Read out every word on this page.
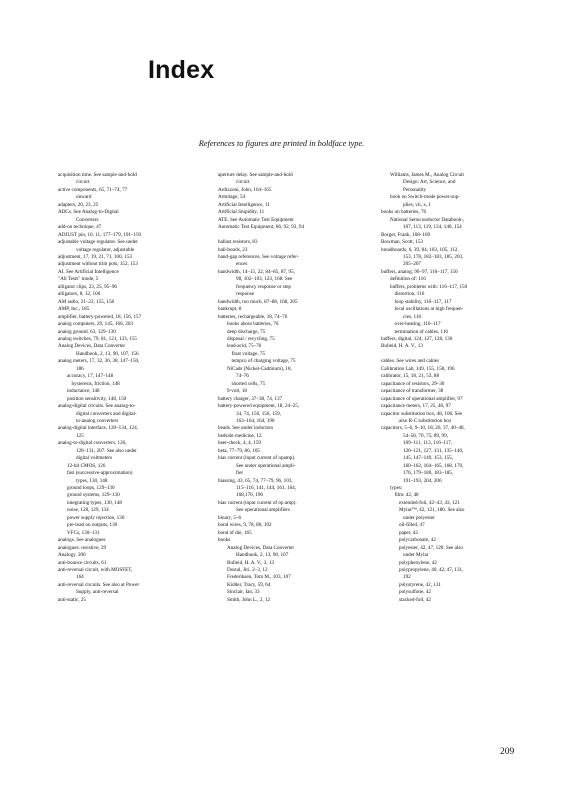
Index
References to figures are printed in boldface type.
acquisition time. See sample-and-hold
circuit
active components, 65, 71–74, 77
onward
adapters, 20, 23, 25
ADCs. See Analog-to-Digital
Converters
add-on technique, 47
ADJUST pin, 10, 11, 177–179, 191–193
adjustable voltage regulator. See under
voltage regulator, adjustable
adjustment, 17, 19, 21, 71, 100, 153
adjustment without trim pots, 152, 153
AI. See Artificial Intelligence
"All Tests" mode, 5
alligator clips, 23, 25, 95–96
alligators, 8, 12, 100
AM radio, 21–22, 155, 158
AMP, Inc., 185
amplifier, battery-powered, 18, 156, 157
analog computers, 29, 145, 166, 203
analog ground, 63, 129–130
analog switches, 79, 81, 121, 133, 155
Analog Devices, Data Converter
Handbook, 2, 13, 90, 107, 156
analog meters, 17, 32, 36, 38, 147–150,
186
accuracy, 17, 147–148
hysteresis, friction, 148
inductance, 148
position sensitivity, 148, 150
analog-digital circuits. See analog-to-
digital converters and digital-
to-analog converters
analog-digital interface, 120–134, 124,
125
analog-to-digital converters, 126,
128–131, 207. See also under
digital voltmeters
12-bit CMOS, 126
fast (successive-approximation)
types, 130, 148
ground loops, 129–130
ground systems, 129–130
integrating types, 130, 148
noise, 128, 129, 134
power supply rejection, 130
pre-load on outputs, 130
VFCs, 130–131
analogs. See analogues
analogues: resistive, 29
Analogy, 206
anti-bounce circuits, 61
anti-reversal circuit, with MOSFET,
164
anti-reversal circuits. See also at Power
Supply, anti-reversal
anti-static, 25
aperture delay. See sample-and-hold
circuit
Ardizzoni, John, 164–165
Armitage, 54
Artificial Intelligence, 11
Artificial Stupidity, 11
ATE. See Automatic Test Equipment
Automatic Test Equipment, 66, 92, 93, 94
ballast resistors, 83
ball-bonds, 23
band-gap references. See voltage refer-
ences
bandwidth, 14–15, 22, 84–85, 87, 95,
98, 102–103, 123, 168. See
frequency response or step
response
bandwidth, too much, 87–88, 168, 205
bankrupt, 8
batteries, rechargeable, 18, 74–76
books about batteries, 76
deep discharge, 75
disposal / recycling, 75
lead-acid, 75–76
float voltage, 75
tempco of charging voltage, 75
NiCads (Nickel-Cadmium), 18,
74–76
shorted cells, 75
9-volt, 18
battery charger, 37–38, 74, 137
battery-powered equipment, 18, 24–25,
34, 74, 150, 156, 159,
163–164, 164, 198
beads. See under inductors
bedside medicine, 12
beer-check, 4, 4, 159
beta, 77–79, 86, 105
bias current (input current of opamp).
See under operational ampli-
fier
biassing, 43, 65, 74, 77–79, 96, 103,
115–116, 141, 144, 161, 164,
168,176, 196
bias current (input current of op amp).
See operational amplifiers
binary, 5–6
bond wires, 9, 78, 80, 192
bond of die, 165
books
Analog Devices, Data Converter
Handbook, 2, 13, 90, 107
Bulleid, H. A. V., 3, 13
Dostal, Jiri, 2–3, 12
Frederiksen, Tom M., 103, 107
Kidder, Tracy, 59, 64
Sinclair, Ian, 33
Smith, John L., 2, 12
Williams, James M., Analog Circuit
Design: Art, Science, and
Personality
book on Switch-mode power-sup-
plies, vii, x, 1
books on batteries, 76
National Semiconductor Databook-,
107, 113, 119, 134, 140, 154
Borger, Frank, 168–169
Bowman, Scott, 153
breadboards, 6, 39, 84, 103, 105, 112,
153, 178, 182–183, 185, 203,
205–207
buffers, analog, 96–97, 116–117, 150
definition of: 116
buffers, problems with: 116–117, 150
distortion, 116
loop stability, 116–117, 117
local oscillations at high frequen-
cies, 116
over-heating, 116–117
termination of cables, 116
buffers, digital, 124, 127, 128, 130
Bulleid, H. A. V., 13
cables. See wires and cables
Calibration Lab, 149, 155, 158, 196
calibrator, 15, 18, 21, 53, 88
capacitance of resistors, 29–30
capacitance of transformer, 38
capacitance of operational amplifier, 97
capacitance meters, 17, 25, 46, 97
capacitor substitution box, 48, 106. See
also R-C substitution box
capacitors, 5–6, 9–10, 18, 20, 37, 40–48,
54–56, 70, 75, 89, 99,
109–111, 113, 116–117,
120–121, 127, 131, 135–140,
145, 147–149, 153, 155,
160–162, 164–165, 168, 170,
176, 179–180, 183–185,
191–193, 204, 206
types:
film: 42, 48
extended-foil, 42–43, 43, 121
Mylar™, 42, 121, 180. See also
under polyester
oil-filled, 47
paper, 42
polycarbonate, 42
polyester, 42, 47, 120. See also
under Mylar
polyphenylene, 42
polypropylene, 40, 42, 47, 131,
192
polystyrene, 42, 131
polysulfone, 42
stacked-foil, 42
209
